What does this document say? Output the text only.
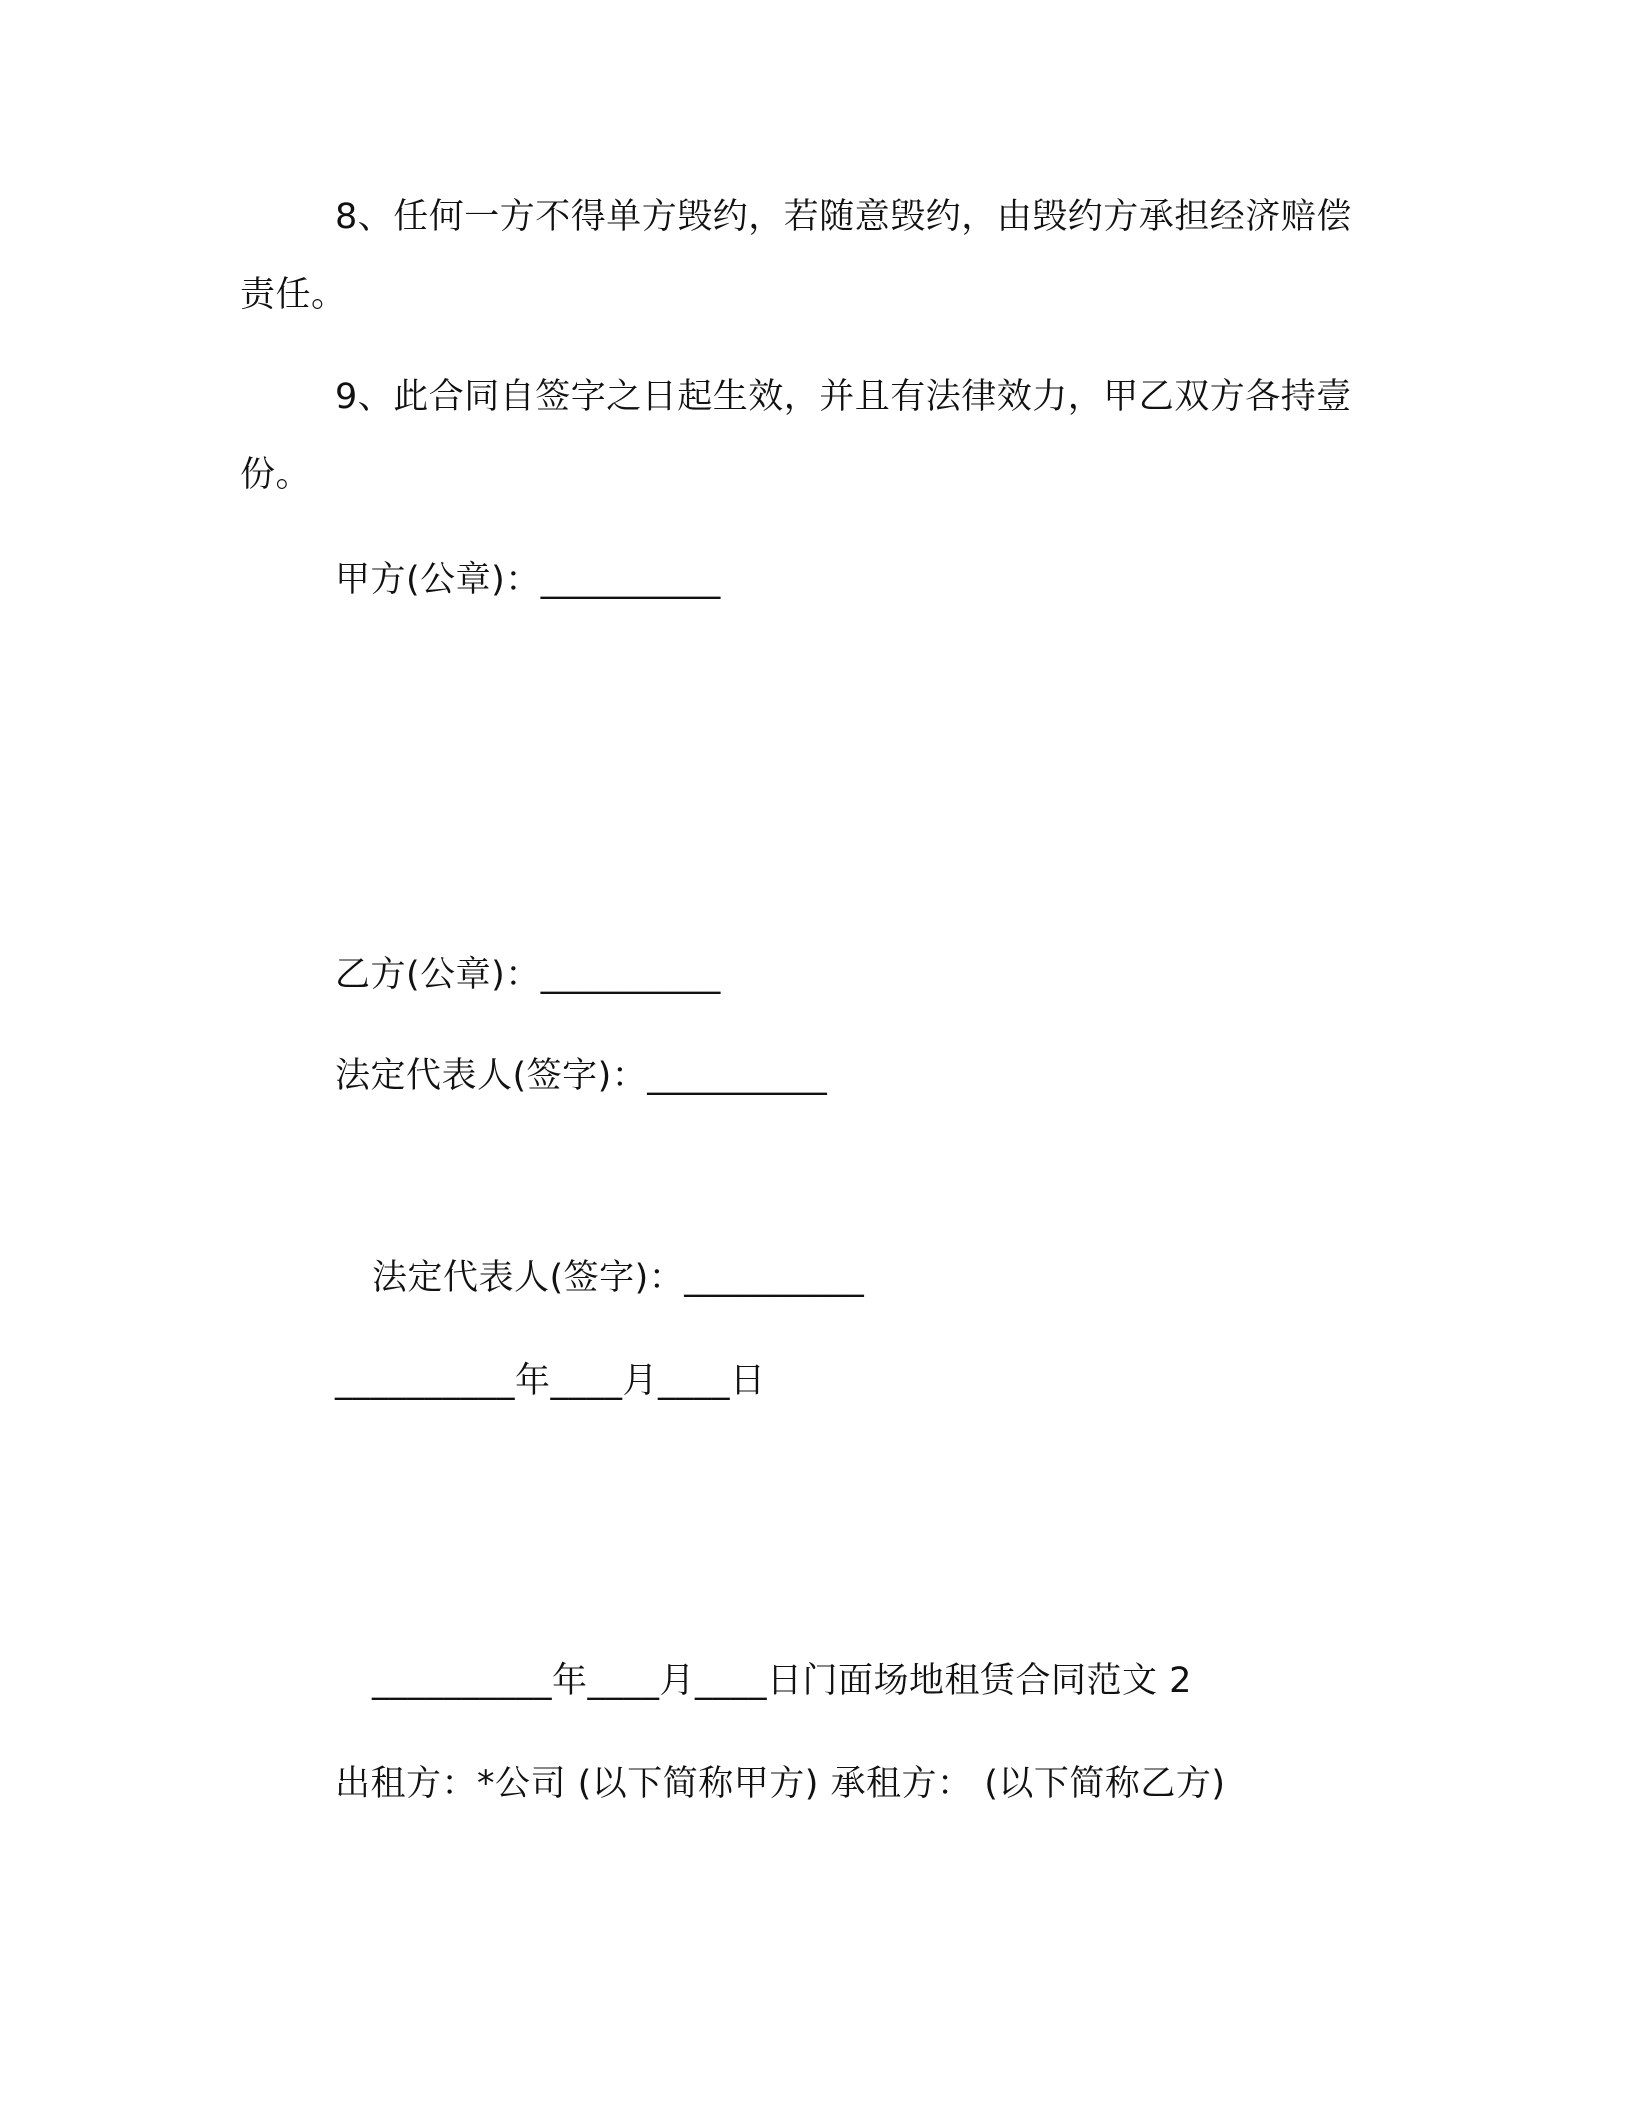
8、任何一方不得单方毁约，若随意毁约，由毁约方承担经济赔偿责任。

9、此合同自签字之日起生效，并且有法律效力，甲乙双方各持壹份。

甲方(公章)：__________
乙方(公章)：__________
法定代表人(签字)：__________
法定代表人(签字)：__________
__________年____月____日
__________年____月____日门面场地租赁合同范文 2
出租方：*公司 (以下简称甲方) 承租方： (以下简称乙方)
